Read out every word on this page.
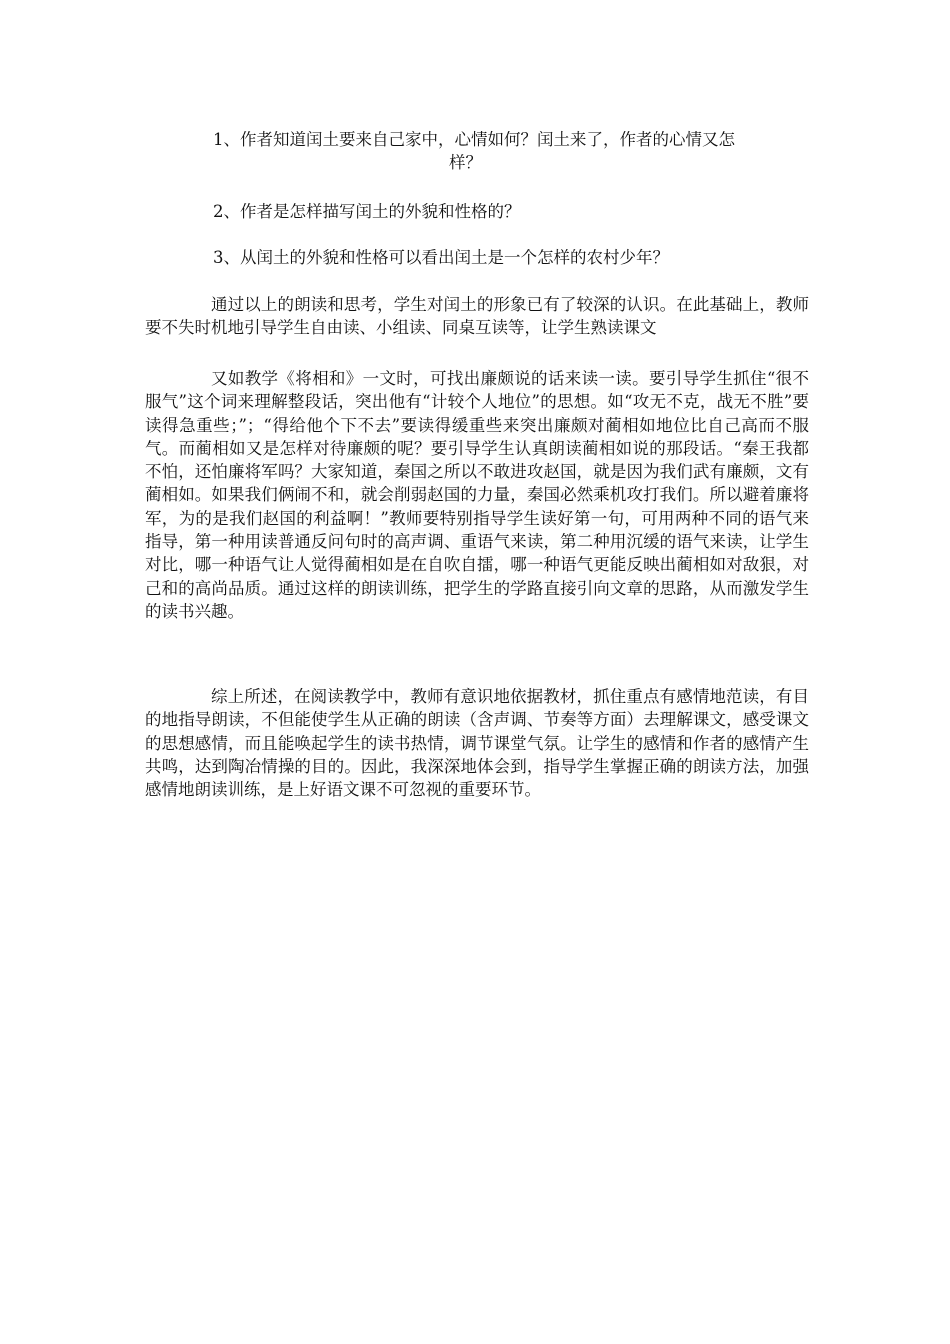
1、作者知道闰土要来自己家中，心情如何？闰土来了，作者的心情又怎
样？
2、作者是怎样描写闰土的外貌和性格的？
3、从闰土的外貌和性格可以看出闰土是一个怎样的农村少年？

通过以上的朗读和思考，学生对闰土的形象已有了较深的认识。在此基础上，教师要不失时机地引导学生自由读、小组读、同桌互读等，让学生熟读课文

又如教学《将相和》一文时，可找出廉颇说的话来读一读。要引导学生抓住“很不服气”这个词来理解整段话，突出他有“计较个人地位”的思想。如“攻无不克，战无不胜”要读得急重些；”；“得给他个下不去”要读得缓重些来突出廉颇对蔺相如地位比自己高而不服气。而蔺相如又是怎样对待廉颇的呢？要引导学生认真朗读蔺相如说的那段话。“秦王我都不怕，还怕廉将军吗？大家知道，秦国之所以不敢进攻赵国，就是因为我们武有廉颇，文有蔺相如。如果我们俩闹不和，就会削弱赵国的力量，秦国必然乘机攻打我们。所以避着廉将军，为的是我们赵国的利益啊！”教师要特别指导学生读好第一句，可用两种不同的语气来指导，第一种用读普通反问句时的高声调、重语气来读，第二种用沉缓的语气来读，让学生对比，哪一种语气让人觉得蔺相如是在自吹自擂，哪一种语气更能反映出蔺相如对敌狠，对己和的高尚品质。通过这样的朗读训练，把学生的学路直接引向文章的思路，从而激发学生的读书兴趣。

综上所述，在阅读教学中，教师有意识地依据教材，抓住重点有感情地范读，有目的地指导朗读，不但能使学生从正确的朗读（含声调、节奏等方面）去理解课文，感受课文的思想感情，而且能唤起学生的读书热情，调节课堂气氛。让学生的感情和作者的感情产生共鸣，达到陶冶情操的目的。因此，我深深地体会到，指导学生掌握正确的朗读方法，加强感情地朗读训练，是上好语文课不可忽视的重要环节。
